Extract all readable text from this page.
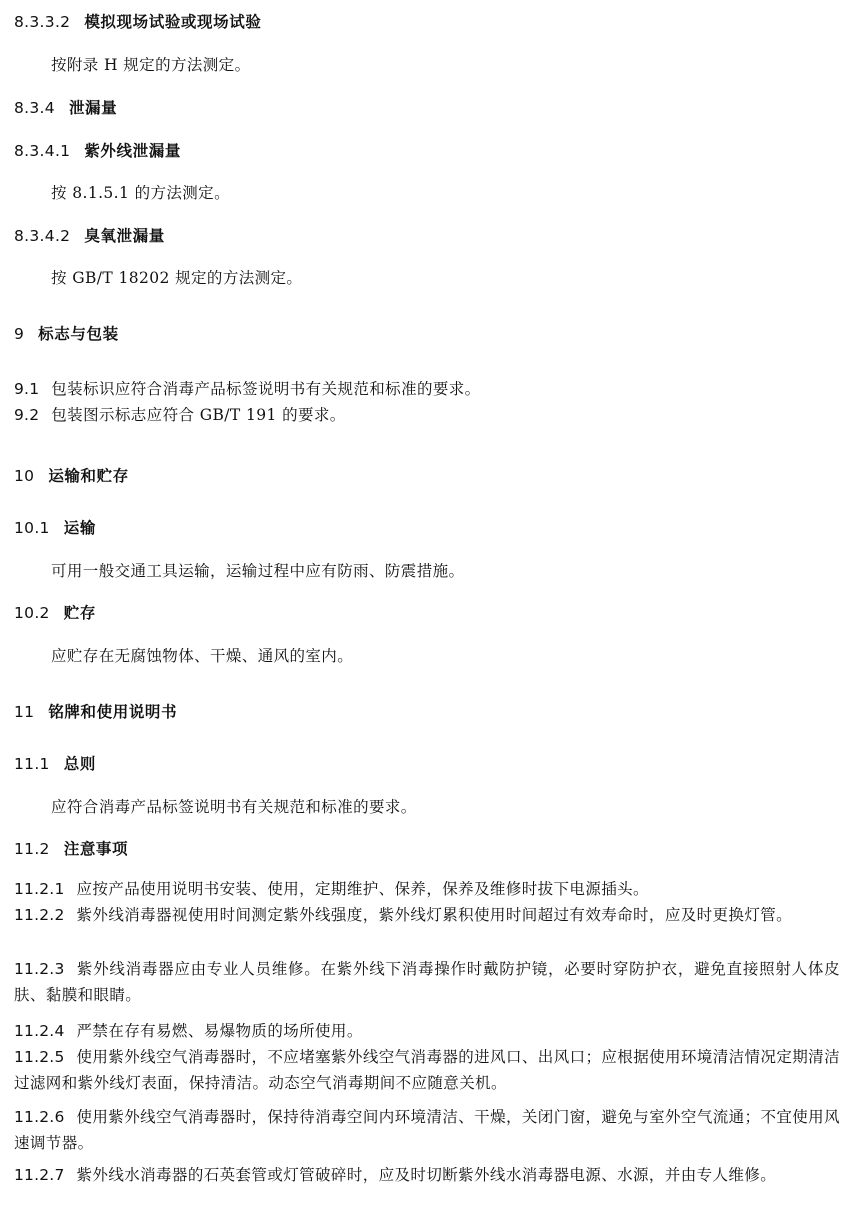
8.3.3.2 模拟现场试验或现场试验
按附录 H 规定的方法测定。
8.3.4 泄漏量
8.3.4.1 紫外线泄漏量
按 8.1.5.1 的方法测定。
8.3.4.2 臭氧泄漏量
按 GB/T 18202 规定的方法测定。
9 标志与包装
9.1 包装标识应符合消毒产品标签说明书有关规范和标准的要求。
9.2 包装图示标志应符合 GB/T 191 的要求。
10 运输和贮存
10.1 运输
可用一般交通工具运输，运输过程中应有防雨、防震措施。
10.2 贮存
应贮存在无腐蚀物体、干燥、通风的室内。
11 铭牌和使用说明书
11.1 总则
应符合消毒产品标签说明书有关规范和标准的要求。
11.2 注意事项
11.2.1 应按产品使用说明书安装、使用，定期维护、保养，保养及维修时拔下电源插头。
11.2.2 紫外线消毒器视使用时间测定紫外线强度，紫外线灯累积使用时间超过有效寿命时，应及时更换灯管。
11.2.3 紫外线消毒器应由专业人员维修。在紫外线下消毒操作时戴防护镜，必要时穿防护衣，避免直接照射人体皮肤、黏膜和眼睛。
11.2.4 严禁在存有易燃、易爆物质的场所使用。
11.2.5 使用紫外线空气消毒器时，不应堵塞紫外线空气消毒器的进风口、出风口；应根据使用环境清洁情况定期清洁过滤网和紫外线灯表面，保持清洁。动态空气消毒期间不应随意关机。
11.2.6 使用紫外线空气消毒器时，保持待消毒空间内环境清洁、干燥，关闭门窗，避免与室外空气流通；不宜使用风速调节器。
11.2.7 紫外线水消毒器的石英套管或灯管破碎时，应及时切断紫外线水消毒器电源、水源，并由专人维修。
